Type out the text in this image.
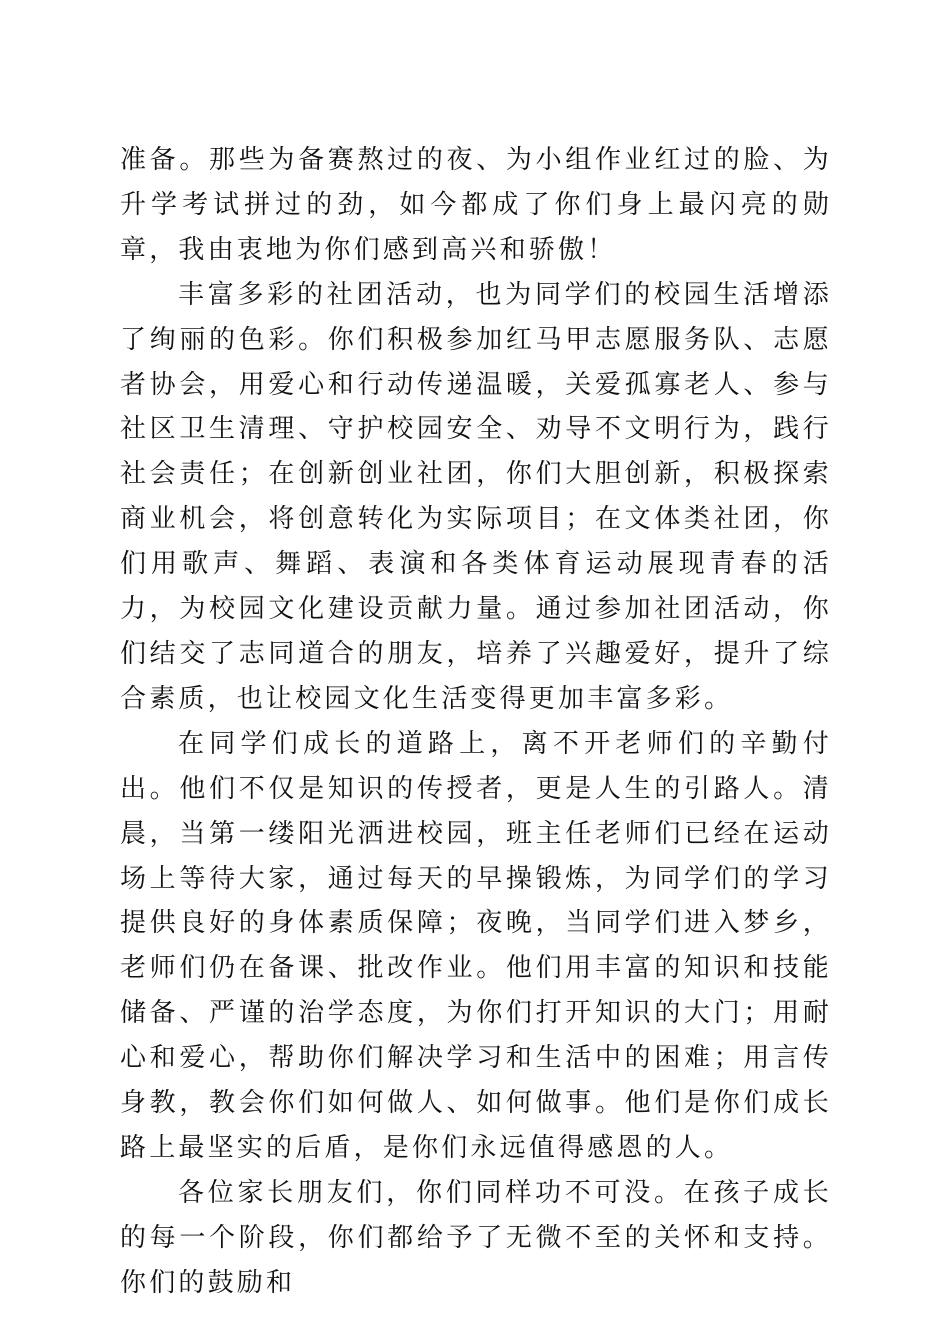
准备。那些为备赛熬过的夜、为小组作业红过的脸、为升学考试拼过的劲，如今都成了你们身上最闪亮的勋章，我由衷地为你们感到高兴和骄傲！

丰富多彩的社团活动，也为同学们的校园生活增添了绚丽的色彩。你们积极参加红马甲志愿服务队、志愿者协会，用爱心和行动传递温暖，关爱孤寡老人、参与社区卫生清理、守护校园安全、劝导不文明行为，践行社会责任；在创新创业社团，你们大胆创新，积极探索商业机会，将创意转化为实际项目；在文体类社团，你们用歌声、舞蹈、表演和各类体育运动展现青春的活力，为校园文化建设贡献力量。通过参加社团活动，你们结交了志同道合的朋友，培养了兴趣爱好，提升了综合素质，也让校园文化生活变得更加丰富多彩。

在同学们成长的道路上，离不开老师们的辛勤付出。他们不仅是知识的传授者，更是人生的引路人。清晨，当第一缕阳光洒进校园，班主任老师们已经在运动场上等待大家，通过每天的早操锻炼，为同学们的学习提供良好的身体素质保障；夜晚，当同学们进入梦乡，老师们仍在备课、批改作业。他们用丰富的知识和技能储备、严谨的治学态度，为你们打开知识的大门；用耐心和爱心，帮助你们解决学习和生活中的困难；用言传身教，教会你们如何做人、如何做事。他们是你们成长路上最坚实的后盾，是你们永远值得感恩的人。

各位家长朋友们，你们同样功不可没。在孩子成长的每一个阶段，你们都给予了无微不至的关怀和支持。你们的鼓励和
